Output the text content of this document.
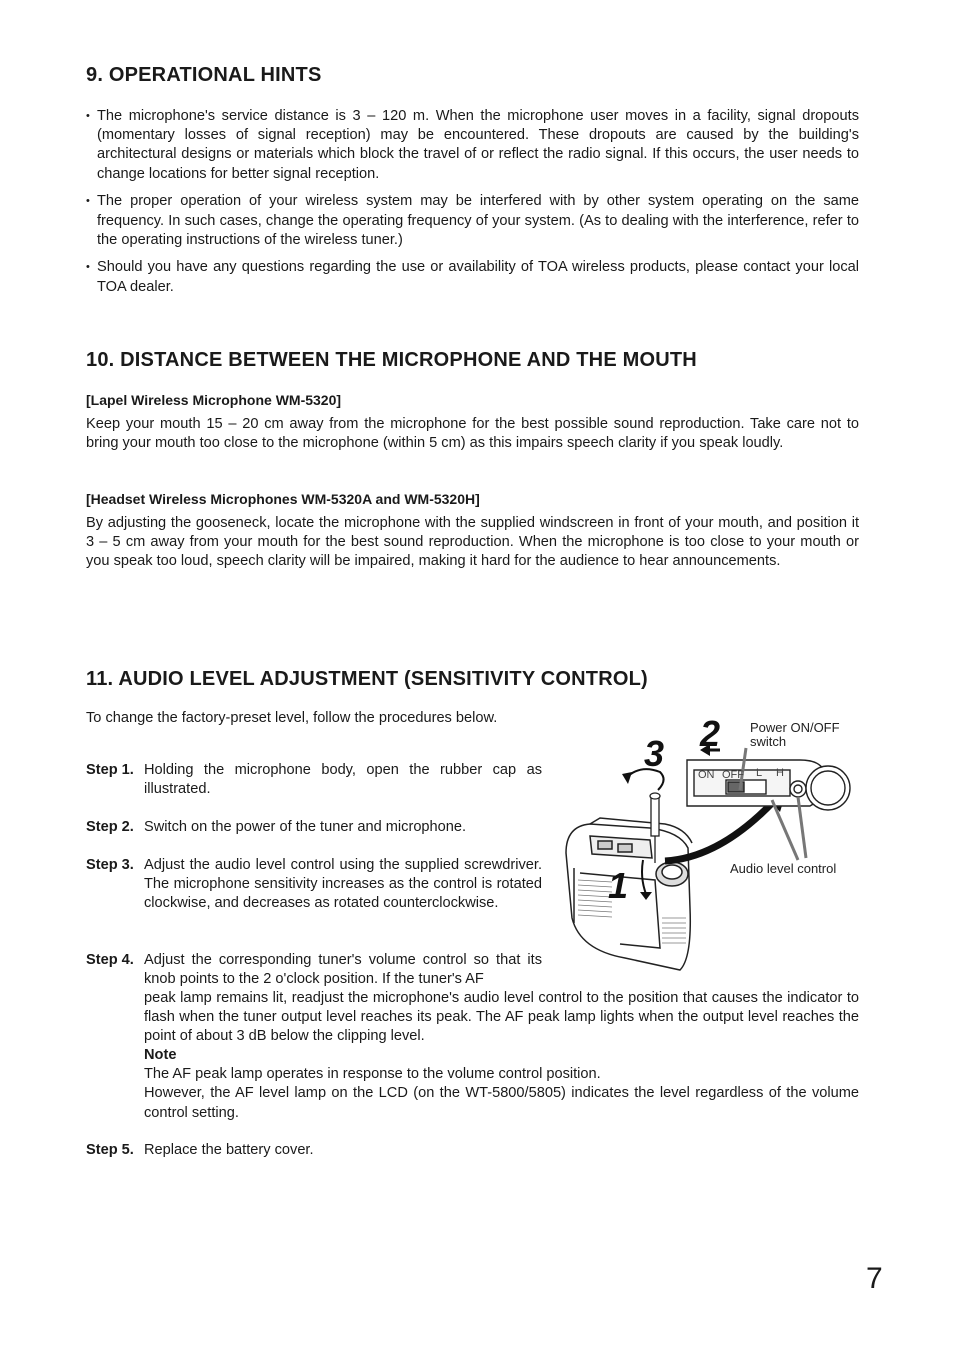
9. OPERATIONAL HINTS
• The microphone's service distance is 3 – 120 m. When the microphone user moves in a facility, signal dropouts (momentary losses of signal reception) may be encountered. These dropouts are caused by the building's architectural designs or materials which block the travel of or reflect the radio signal. If this occurs, the user needs to change locations for better signal reception.
• The proper operation of your wireless system may be interfered with by other system operating on the same frequency. In such cases, change the operating frequency of your system. (As to dealing with the interference, refer to the operating instructions of the wireless tuner.)
• Should you have any questions regarding the use or availability of TOA wireless products, please contact your local TOA dealer.
10. DISTANCE BETWEEN THE MICROPHONE AND THE MOUTH

[Lapel Wireless Microphone WM-5320]

Keep your mouth 15 – 20 cm away from the microphone for the best possible sound reproduction. Take care not to bring your mouth too close to the microphone (within 5 cm) as this impairs speech clarity if you speak loudly.

[Headset Wireless Microphones WM-5320A and WM-5320H]

By adjusting the gooseneck, locate the microphone with the supplied windscreen in front of your mouth, and position it 3 – 5 cm away from your mouth for the best sound reproduction. When the microphone is too close to your mouth or you speak too loud, speech clarity will be impaired, making it hard for the audience to hear announcements.

11. AUDIO LEVEL ADJUSTMENT (SENSITIVITY CONTROL)

To change the factory-preset level, follow the procedures below.

Step 1. Holding the microphone body, open the rubber cap as illustrated.
Step 2. Switch on the power of the tuner and microphone.
Step 3. Adjust the audio level control using the supplied screwdriver. The microphone sensitivity increases as the control is rotated clockwise, and decreases as rotated counterclockwise.
Step 4. Adjust the corresponding tuner's volume control so that its knob points to the 2 o'clock position. If the tuner's AF
peak lamp remains lit, readjust the microphone's audio level control to the position that causes the indicator to flash when the tuner output level reaches its peak. The AF peak lamp lights when the output level reaches the point of about 3 dB below the clipping level.
Note
The AF peak lamp operates in response to the volume control position.
However, the AF level lamp on the LCD (on the WT-5800/5805) indicates the level regardless of the volume control setting.
Step 5. Replace the battery cover.
ON OFF L H
1
2
3
Power ON/OFF
switch
Audio level control
7
